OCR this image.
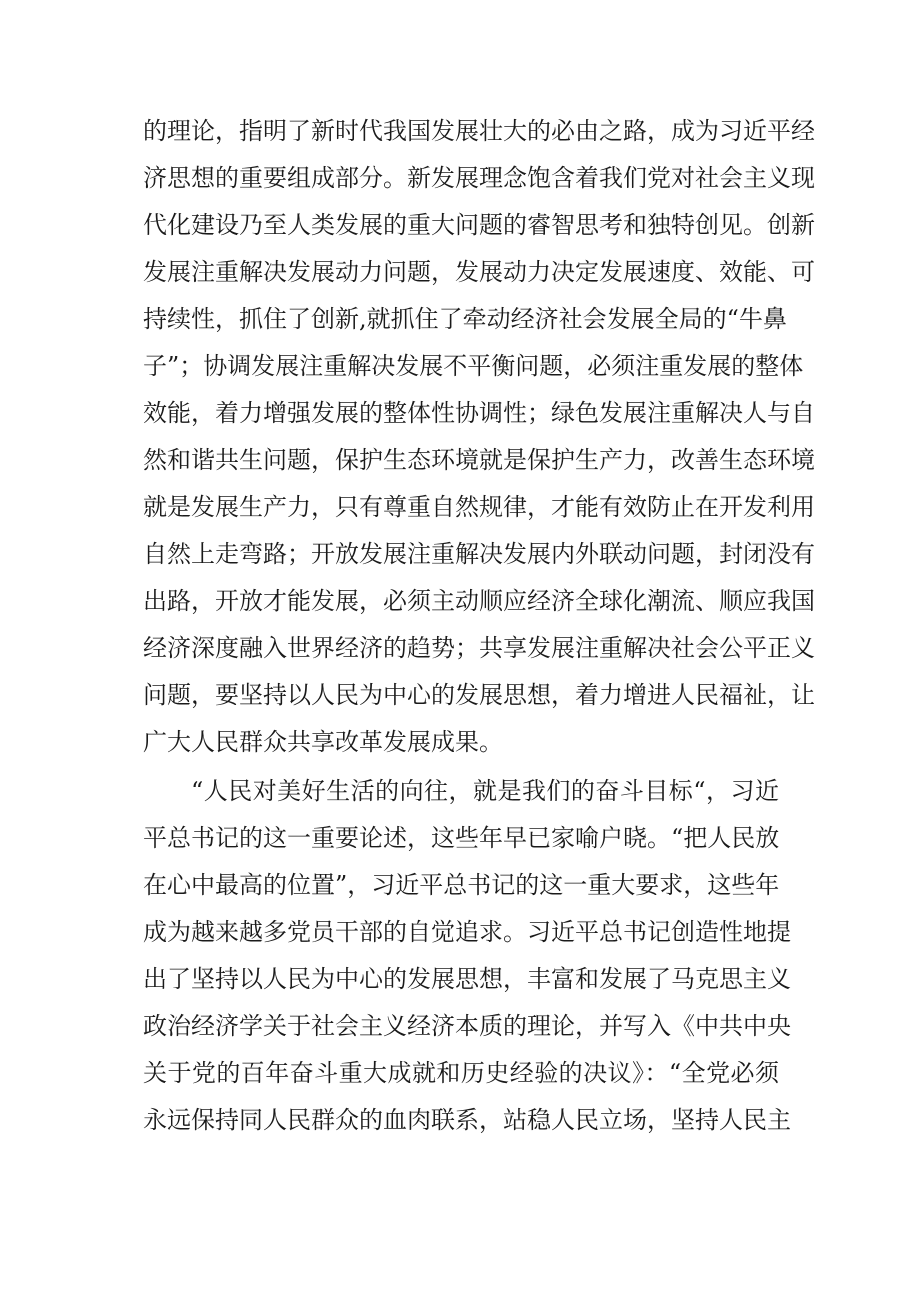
的理论，指明了新时代我国发展壮大的必由之路，成为习近平经
济思想的重要组成部分。新发展理念饱含着我们党对社会主义现
代化建设乃至人类发展的重大问题的睿智思考和独特创见。创新
发展注重解决发展动力问题，发展动力决定发展速度、效能、可
持续性，抓住了创新,就抓住了牵动经济社会发展全局的“牛鼻
子”；协调发展注重解决发展不平衡问题，必须注重发展的整体
效能，着力增强发展的整体性协调性；绿色发展注重解决人与自
然和谐共生问题，保护生态环境就是保护生产力，改善生态环境
就是发展生产力，只有尊重自然规律，才能有效防止在开发利用
自然上走弯路；开放发展注重解决发展内外联动问题，封闭没有
出路，开放才能发展，必须主动顺应经济全球化潮流、顺应我国
经济深度融入世界经济的趋势；共享发展注重解决社会公平正义
问题，要坚持以人民为中心的发展思想，着力增进人民福祉，让
广大人民群众共享改革发展成果。
“人民对美好生活的向往，就是我们的奋斗目标“，习近
平总书记的这一重要论述，这些年早已家喻户晓。“把人民放
在心中最高的位置”，习近平总书记的这一重大要求，这些年
成为越来越多党员干部的自觉追求。习近平总书记创造性地提
出了坚持以人民为中心的发展思想，丰富和发展了马克思主义
政治经济学关于社会主义经济本质的理论，并写入《中共中央
关于党的百年奋斗重大成就和历史经验的决议》：“全党必须
永远保持同人民群众的血肉联系，站稳人民立场，坚持人民主
